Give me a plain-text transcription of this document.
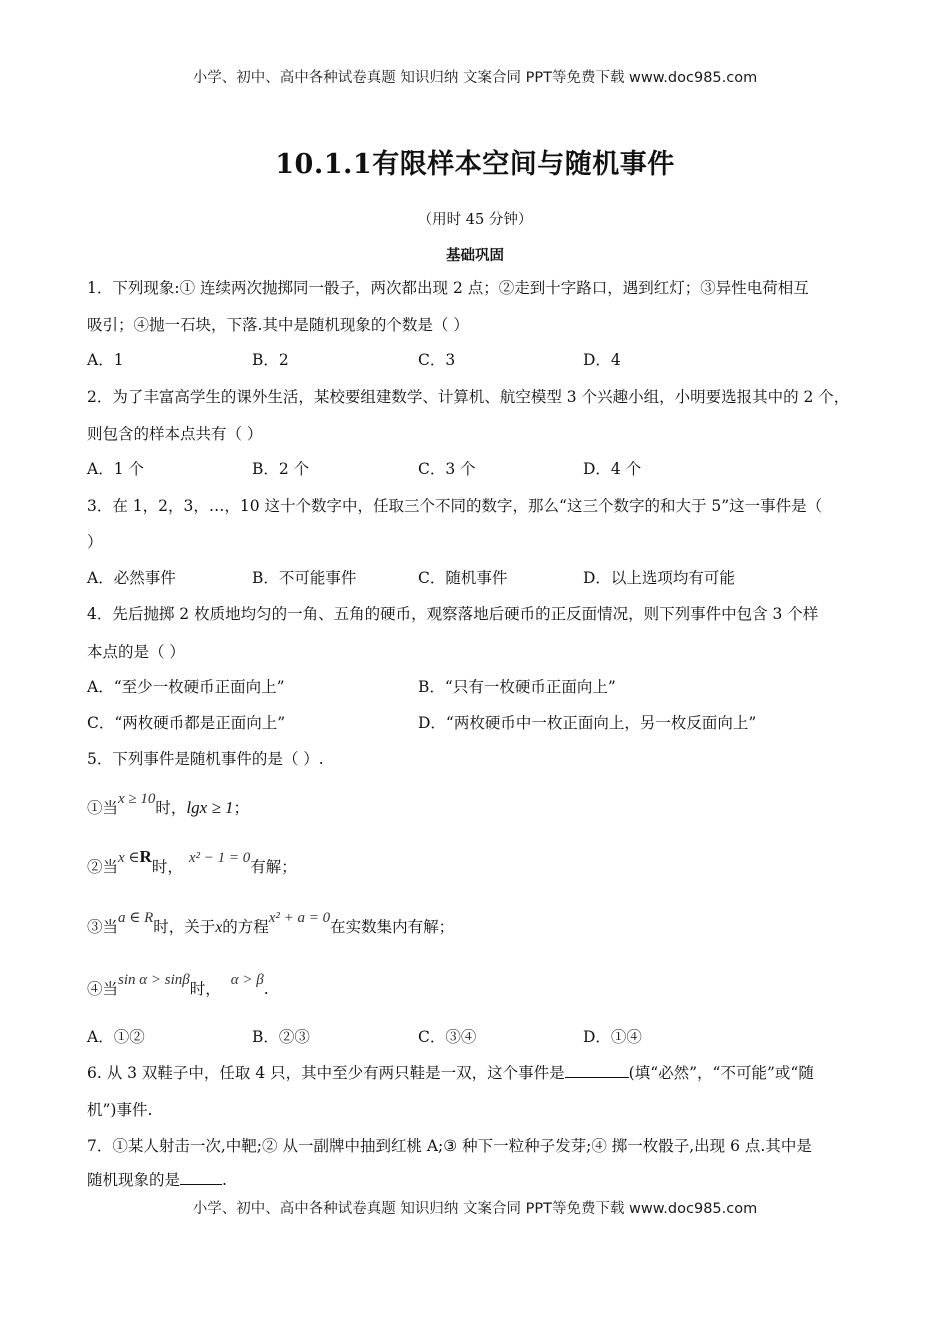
小学、初中、高中各种试卷真题 知识归纳 文案合同 PPT等免费下载 www.doc985.com
10.1.1有限样本空间与随机事件
（用时 45 分钟）
基础巩固
1．下列现象:① 连续两次抛掷同一骰子，两次都出现 2 点；②走到十字路口，遇到红灯；③异性电荷相互
吸引；④抛一石块，下落.其中是随机现象的个数是（ ）
A．1	B．2	C．3	D．4
2．为了丰富高学生的课外生活，某校要组建数学、计算机、航空模型 3 个兴趣小组，小明要选报其中的 2 个，
则包含的样本点共有（ ）
A．1 个	B．2 个	C．3 个	D．4 个
3．在 1，2，3，…，10 这十个数字中，任取三个不同的数字，那么“这三个数字的和大于 5”这一事件是（
）
A．必然事件	B．不可能事件	C．随机事件	D．以上选项均有可能
4．先后抛掷 2 枚质地均匀的一角、五角的硬币，观察落地后硬币的正反面情况，则下列事件中包含 3 个样
本点的是（ ）
A．“至少一枚硬币正面向上”	B．“只有一枚硬币正面向上”
C．“两枚硬币都是正面向上”	D．“两枚硬币中一枚正面向上，另一枚反面向上”
5．下列事件是随机事件的是（ ）.
①当x ≥ 10时，lgx ≥ 1；
②当x ∈R时， x² − 1 = 0有解；
③当a ∈ R时，关于x的方程x² + a = 0在实数集内有解；
④当sin α > sinβ时， α > β.
A．①②	B．②③	C．③④	D．①④
6. 从 3 双鞋子中，任取 4 只，其中至少有两只鞋是一双，这个事件是	(填“必然”，“不可能”或“随
机”)事件.
7．①某人射击一次,中靶;② 从一副牌中抽到红桃 A;③ 种下一粒种子发芽;④ 掷一枚骰子,出现 6 点.其中是
随机现象的是	.
小学、初中、高中各种试卷真题 知识归纳 文案合同 PPT等免费下载 www.doc985.com
